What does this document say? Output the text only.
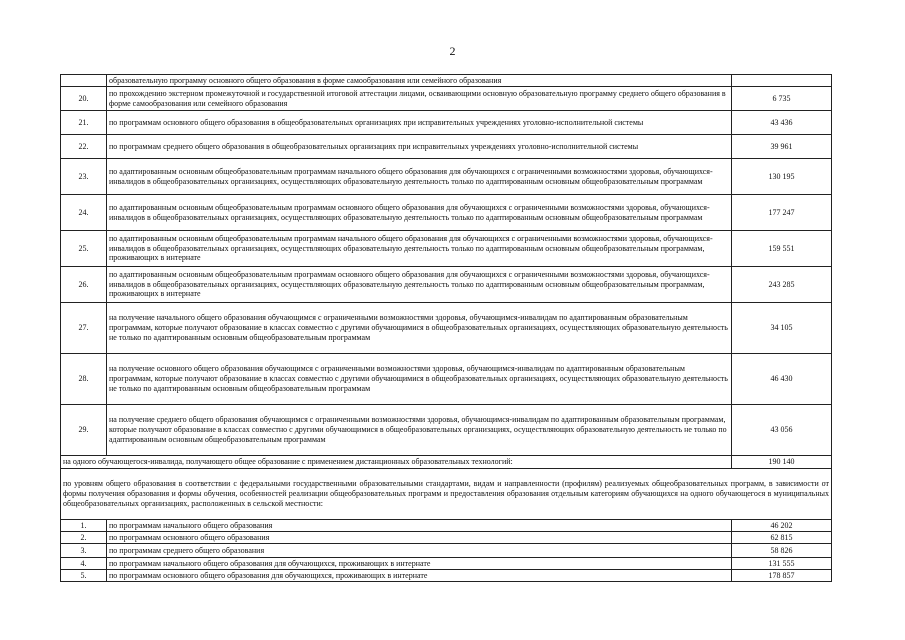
2
	образовательную программу основного общего образования в форме самообразования или семейного образования	
20.	по прохождению экстерном промежуточной и государственной итоговой аттестации лицами, осваивающими основную образовательную программу среднего общего образования в форме самообразования или семейного образования	6 735
21.	по программам основного общего образования в общеобразовательных организациях при исправительных учреждениях уголовно-исполнительной системы	43 436
22.	по программам среднего общего образования в общеобразовательных организациях при исправительных учреждениях уголовно-исполнительной системы	39 961
23.	по адаптированным основным общеобразовательным программам начального общего образования для обучающихся с ограниченными возможностями здоровья, обучающихся-инвалидов в общеобразовательных организациях, осуществляющих образовательную деятельность только по адаптированным основным общеобразовательным программам	130 195
24.	по адаптированным основным общеобразовательным программам основного общего образования для обучающихся с ограниченными возможностями здоровья, обучающихся-инвалидов в общеобразовательных организациях, осуществляющих образовательную деятельность только по адаптированным основным общеобразовательным программам	177 247
25.	по адаптированным основным общеобразовательным программам начального общего образования для обучающихся с ограниченными возможностями здоровья, обучающихся-инвалидов в общеобразовательных организациях, осуществляющих образовательную деятельность только по адаптированным основным общеобразовательным программам, проживающих в интернате	159 551
26.	по адаптированным основным общеобразовательным программам основного общего образования для обучающихся с ограниченными возможностями здоровья, обучающихся-инвалидов в общеобразовательных организациях, осуществляющих образовательную деятельность только по адаптированным основным общеобразовательным программам, проживающих в интернате	243 285
27.	на получение начального общего образования обучающимся с ограниченными возможностями здоровья, обучающимся-инвалидам по адаптированным образовательным программам, которые получают образование в классах совместно с другими обучающимися в общеобразовательных организациях, осуществляющих образовательную деятельность не только по адаптированным основным общеобразовательным программам	34 105
28.	на получение основного общего образования обучающимся с ограниченными возможностями здоровья, обучающимся-инвалидам по адаптированным образовательным программам, которые получают образование в классах совместно с другими обучающимися в общеобразовательных организациях, осуществляющих образовательную деятельность не только по адаптированным основным общеобразовательным программам	46 430
29.	на получение среднего общего образования обучающимся с ограниченными возможностями здоровья, обучающимся-инвалидам по адаптированным образовательным программам, которые получают образование в классах совместно с другими обучающимися в общеобразовательных организациях, осуществляющих образовательную деятельность не только по адаптированным основным общеобразовательным программам	43 056
на одного обучающегося-инвалида, получающего общее образование с применением дистанционных образовательных технологий:		190 140
по уровням общего образования в соответствии с федеральными государственными образовательными стандартами, видам и направленности (профилям) реализуемых общеобразовательных программ, в зависимости от формы получения образования и формы обучения, особенностей реализации общеобразовательных программ и предоставления образования отдельным категориям обучающихся на одного обучающегося в муниципальных общеобразовательных организациях, расположенных в сельской местности:		
1.	по программам начального общего образования	46 202
2.	по программам основного общего образования	62 815
3.	по программам среднего общего образования	58 826
4.	по программам начального общего образования для обучающихся, проживающих в интернате	131 555
5.	по программам основного общего образования для обучающихся, проживающих в интернате	178 857
